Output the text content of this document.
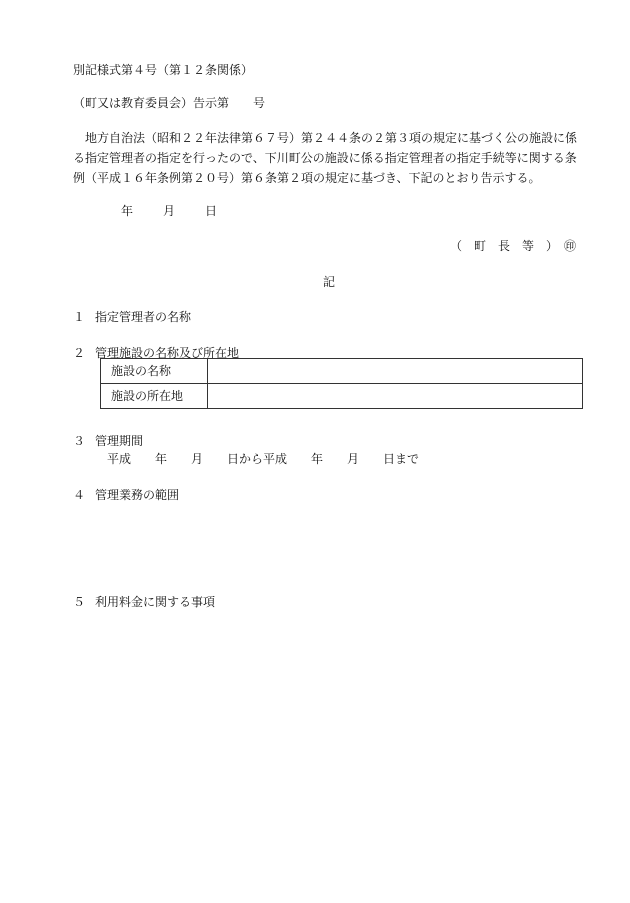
別記様式第４号（第１２条関係）
（町又は教育委員会）告示第　　号
地方自治法（昭和２２年法律第６７号）第２４４条の２第３項の規定に基づく公の施設に係る指定管理者の指定を行ったので、下川町公の施設に係る指定管理者の指定手続等に関する条例（平成１６年条例第２０号）第６条第２項の規定に基づき、下記のとおり告示する。
年　　月　　日
（　町　長　等　）　㊞
記
１ 指定管理者の名称
２ 管理施設の名称及び所在地
施設の名称	
施設の所在地	
３ 管理期間
平成　　年　　月　　日から平成　　年　　月　　日まで
４ 管理業務の範囲
５ 利用料金に関する事項
